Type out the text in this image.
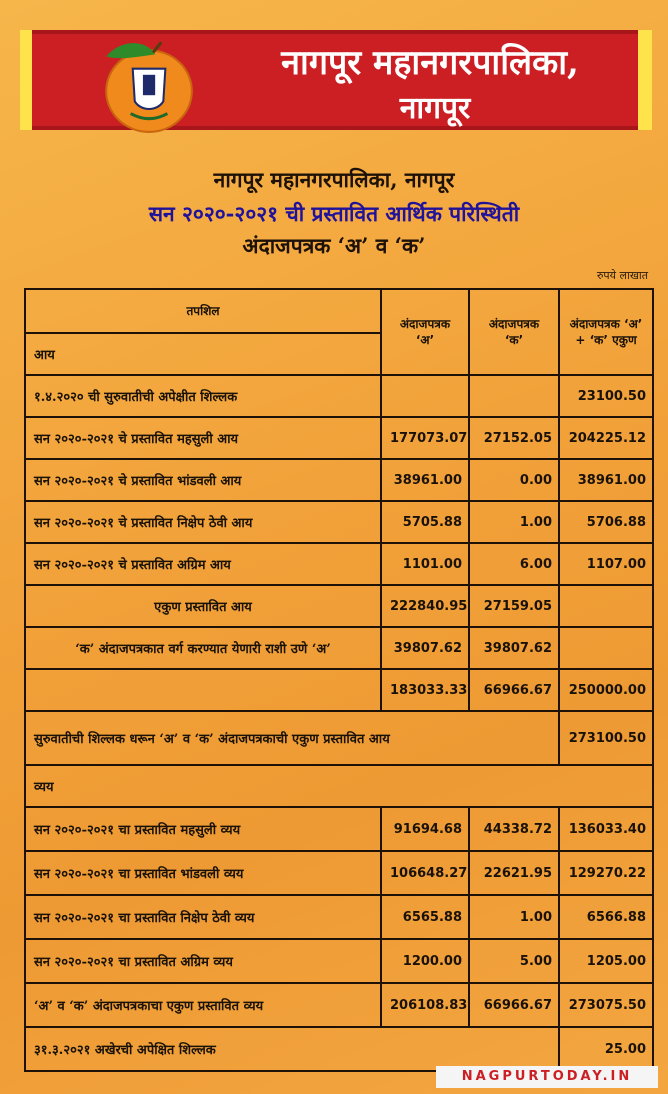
नागपूर महानगरपालिका,
नागपूर
नागपूर महानगरपालिका, नागपूर
सन २०२०-२०२१ ची प्रस्तावित आर्थिक परिस्थिती
अंदाजपत्रक ‘अ’ व ‘क’
रुपये लाखात
तपशिल	अंदाजपत्रक ‘अ’	अंदाजपत्रक ‘क’	अंदाजपत्रक ‘अ’ + ‘क’ एकुण
आय			
१.४.२०२० ची सुरुवातीची अपेक्षीत शिल्लक			23100.50
सन २०२०-२०२१ चे प्रस्तावित महसुली आय	177073.07	27152.05	204225.12
सन २०२०-२०२१ चे प्रस्तावित भांडवली आय	38961.00	0.00	38961.00
सन २०२०-२०२१ चे प्रस्तावित निक्षेप ठेवी आय	5705.88	1.00	5706.88
सन २०२०-२०२१ चे प्रस्तावित अग्रिम आय	1101.00	6.00	1107.00
एकुण प्रस्तावित आय	222840.95	27159.05	
‘क’ अंदाजपत्रकात वर्ग करण्यात येणारी राशी उणे ‘अ’	39807.62	39807.62	
	183033.33	66966.67	250000.00
सुरुवातीची शिल्लक धरून ‘अ’ व ‘क’ अंदाजपत्रकाची एकुण प्रस्तावित आय			273100.50
व्यय			
सन २०२०-२०२१ चा प्रस्तावित महसुली व्यय	91694.68	44338.72	136033.40
सन २०२०-२०२१ चा प्रस्तावित भांडवली व्यय	106648.27	22621.95	129270.22
सन २०२०-२०२१ चा प्रस्तावित निक्षेप ठेवी व्यय	6565.88	1.00	6566.88
सन २०२०-२०२१ चा प्रस्तावित अग्रिम व्यय	1200.00	5.00	1205.00
‘अ’ व ‘क’ अंदाजपत्रकाचा एकुण प्रस्तावित व्यय	206108.83	66966.67	273075.50
३१.३.२०२१ अखेरची अपेक्षित शिल्लक			25.00
NAGPURTODAY.IN
